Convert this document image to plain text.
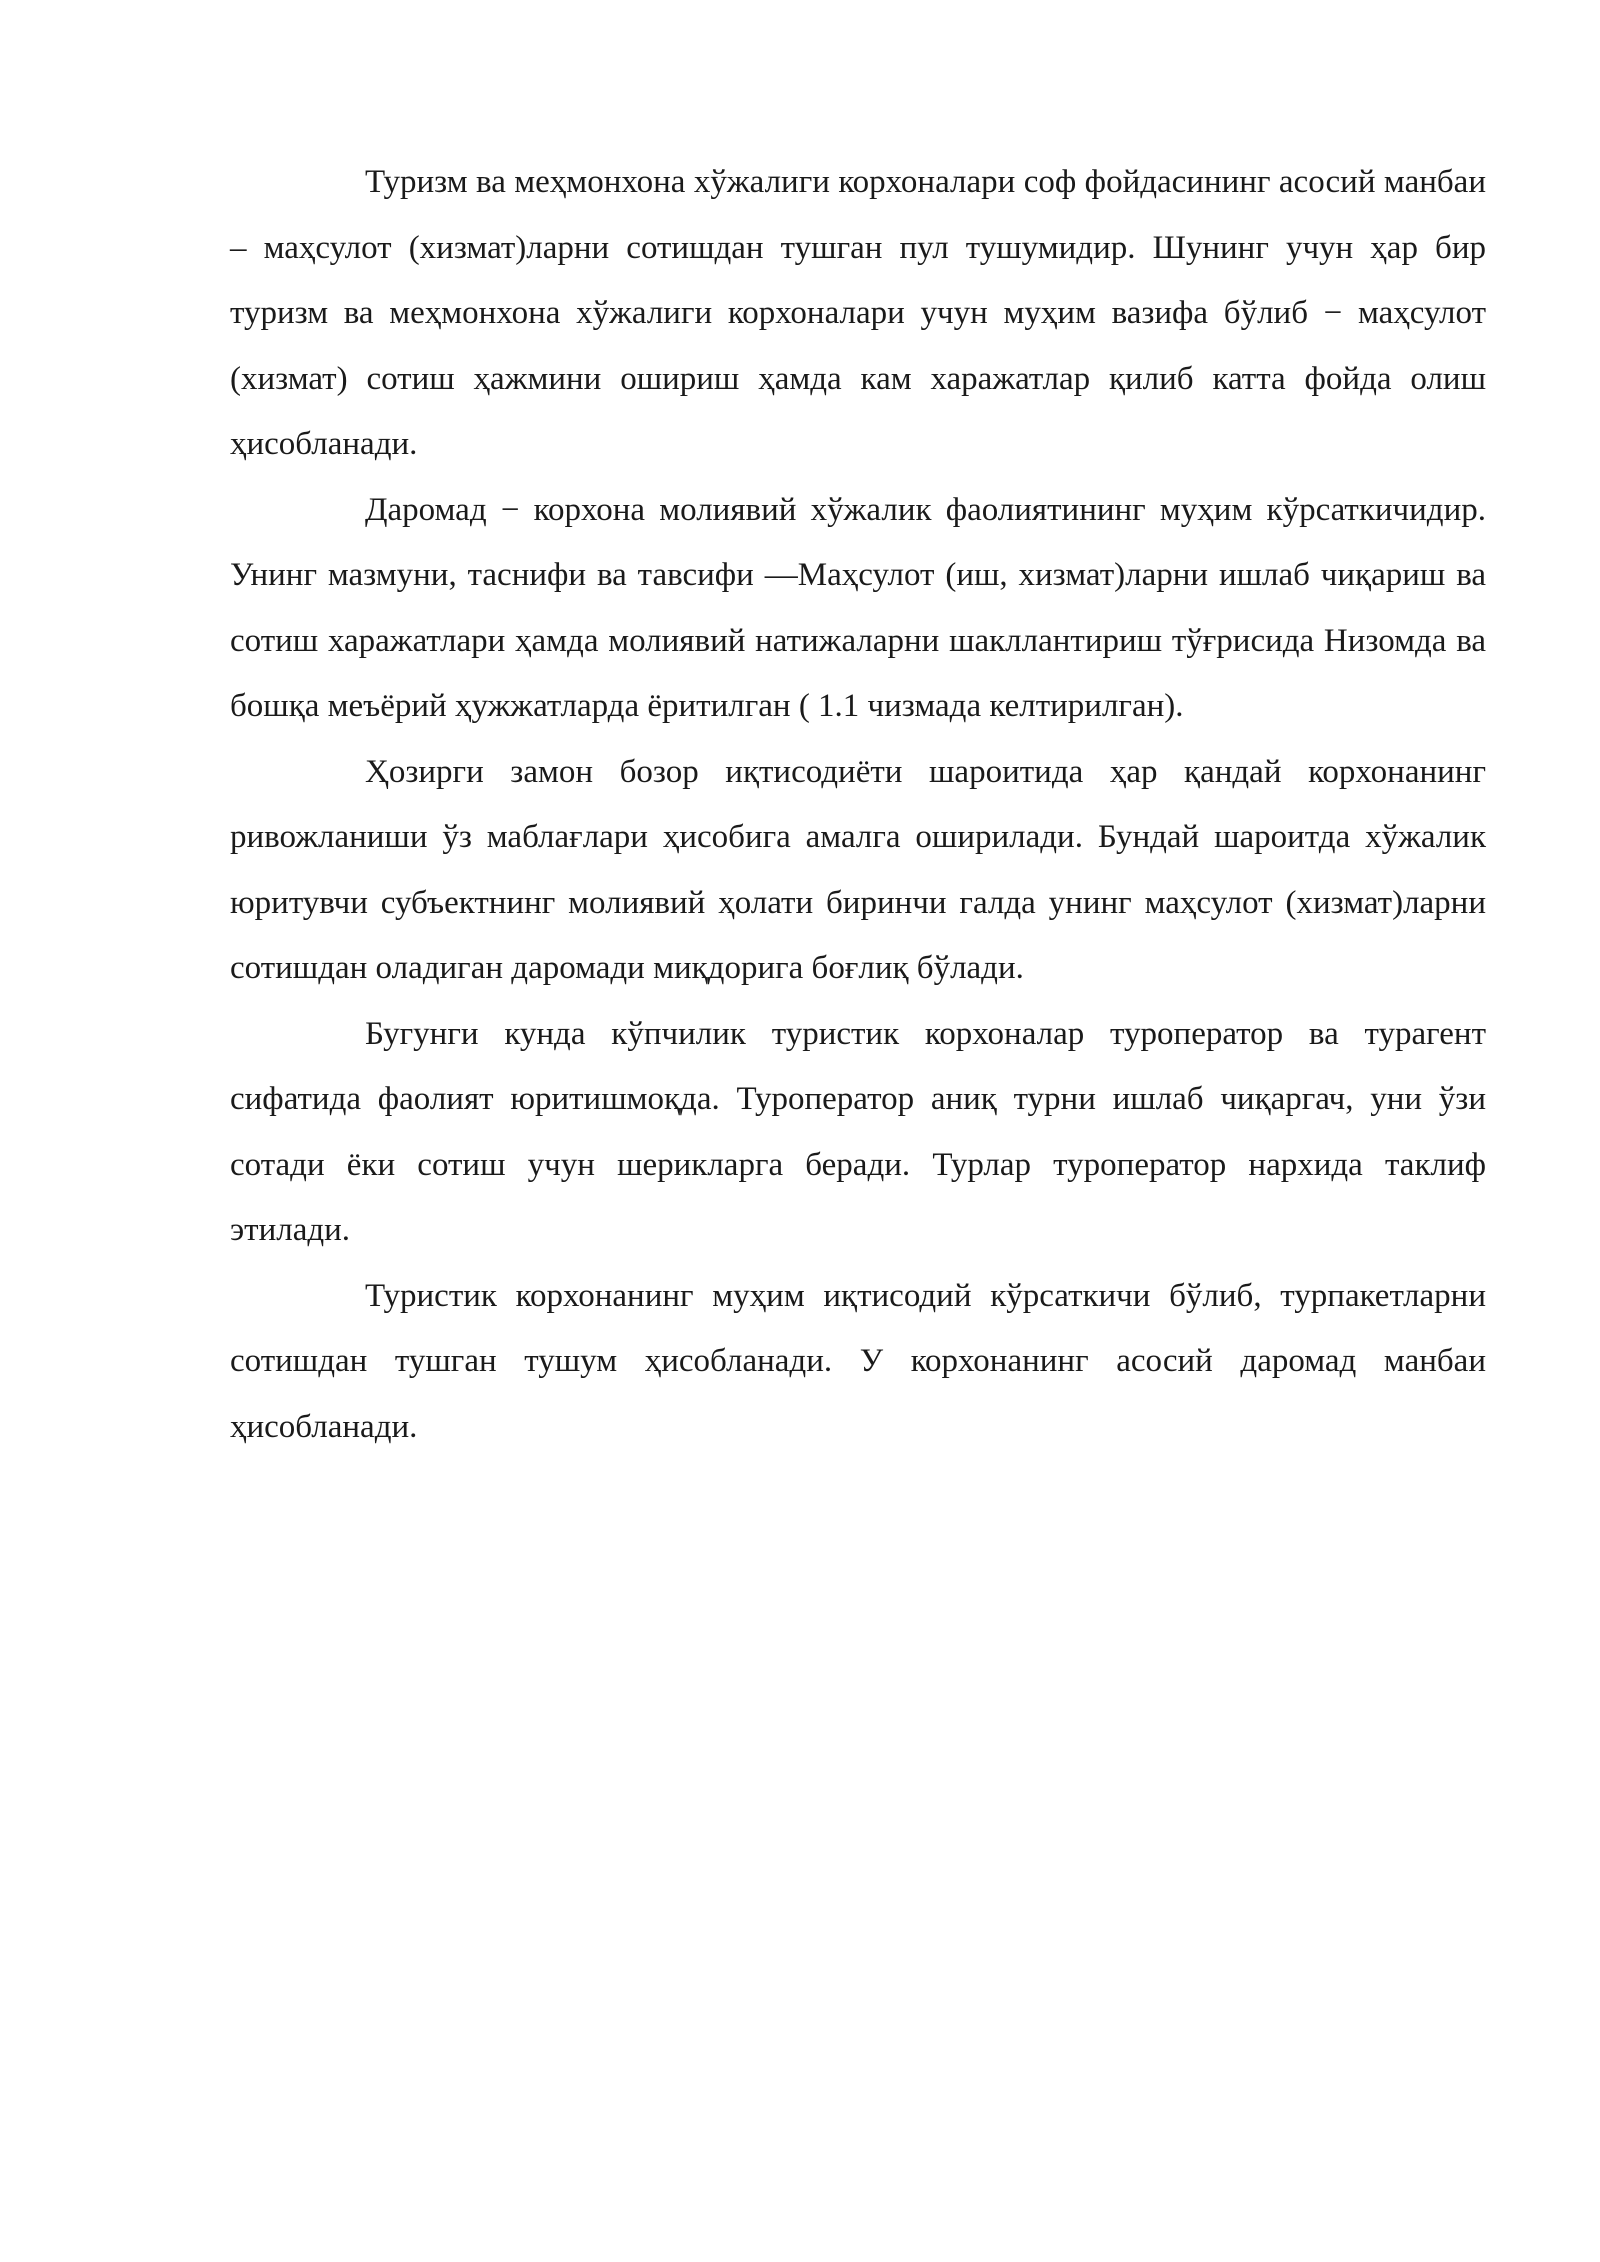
Туризм ва меҳмонхона хўжалиги корхоналари соф фойдасининг асосий манбаи – маҳсулот (хизмат)ларни сотишдан тушган пул тушумидир. Шунинг учун ҳар бир туризм ва меҳмонхона хўжалиги корхоналари учун муҳим вазифа бўлиб − маҳсулот (хизмат) сотиш ҳажмини ошириш ҳамда кам харажатлар қилиб катта фойда олиш ҳисобланади.

Даромад − корхона молиявий хўжалик фаолиятининг муҳим кўрсаткичидир. Унинг мазмуни, таснифи ва тавсифи ―Маҳсулот (иш, хизмат)ларни ишлаб чиқариш ва сотиш харажатлари ҳамда молиявий натижаларни шакллантириш тўғрисида Низомда ва бошқа меъёрий ҳужжатларда ёритилган ( 1.1 чизмада келтирилган).

Ҳозирги замон бозор иқтисодиёти шароитида ҳар қандай корхонанинг ривожланиши ўз маблағлари ҳисобига амалга оширилади. Бундай шароитда хўжалик юритувчи субъектнинг молиявий ҳолати биринчи галда унинг маҳсулот (хизмат)ларни сотишдан оладиган даромади миқдорига боғлиқ бўлади.

Бугунги кунда кўпчилик туристик корхоналар туроператор ва турагент сифатида фаолият юритишмоқда. Туроператор аниқ турни ишлаб чиқаргач, уни ўзи сотади ёки сотиш учун шерикларга беради. Турлар туроператор нархида таклиф этилади.

Туристик корхонанинг муҳим иқтисодий кўрсаткичи бўлиб, турпакетларни сотишдан тушган тушум ҳисобланади. У корхонанинг асосий даромад манбаи ҳисобланади.
